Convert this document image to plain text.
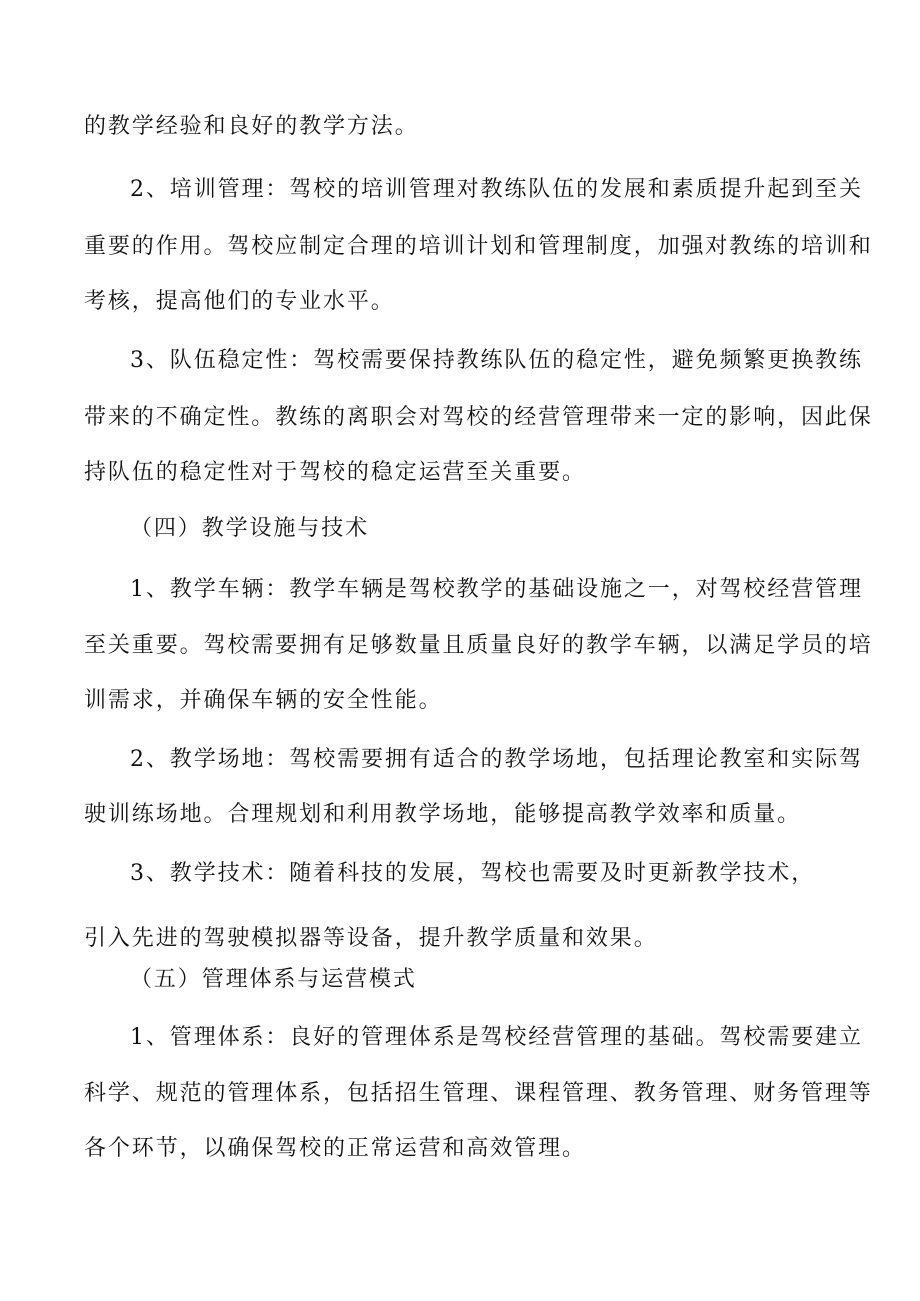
的教学经验和良好的教学方法。
2、培训管理：驾校的培训管理对教练队伍的发展和素质提升起到至关
重要的作用。驾校应制定合理的培训计划和管理制度，加强对教练的培训和
考核，提高他们的专业水平。
3、队伍稳定性：驾校需要保持教练队伍的稳定性，避免频繁更换教练
带来的不确定性。教练的离职会对驾校的经营管理带来一定的影响，因此保
持队伍的稳定性对于驾校的稳定运营至关重要。
（四）教学设施与技术
1、教学车辆：教学车辆是驾校教学的基础设施之一，对驾校经营管理
至关重要。驾校需要拥有足够数量且质量良好的教学车辆，以满足学员的培
训需求，并确保车辆的安全性能。
2、教学场地：驾校需要拥有适合的教学场地，包括理论教室和实际驾
驶训练场地。合理规划和利用教学场地，能够提高教学效率和质量。
3、教学技术：随着科技的发展，驾校也需要及时更新教学技术，
引入先进的驾驶模拟器等设备，提升教学质量和效果。
（五）管理体系与运营模式
1、管理体系：良好的管理体系是驾校经营管理的基础。驾校需要建立
科学、规范的管理体系，包括招生管理、课程管理、教务管理、财务管理等
各个环节，以确保驾校的正常运营和高效管理。
